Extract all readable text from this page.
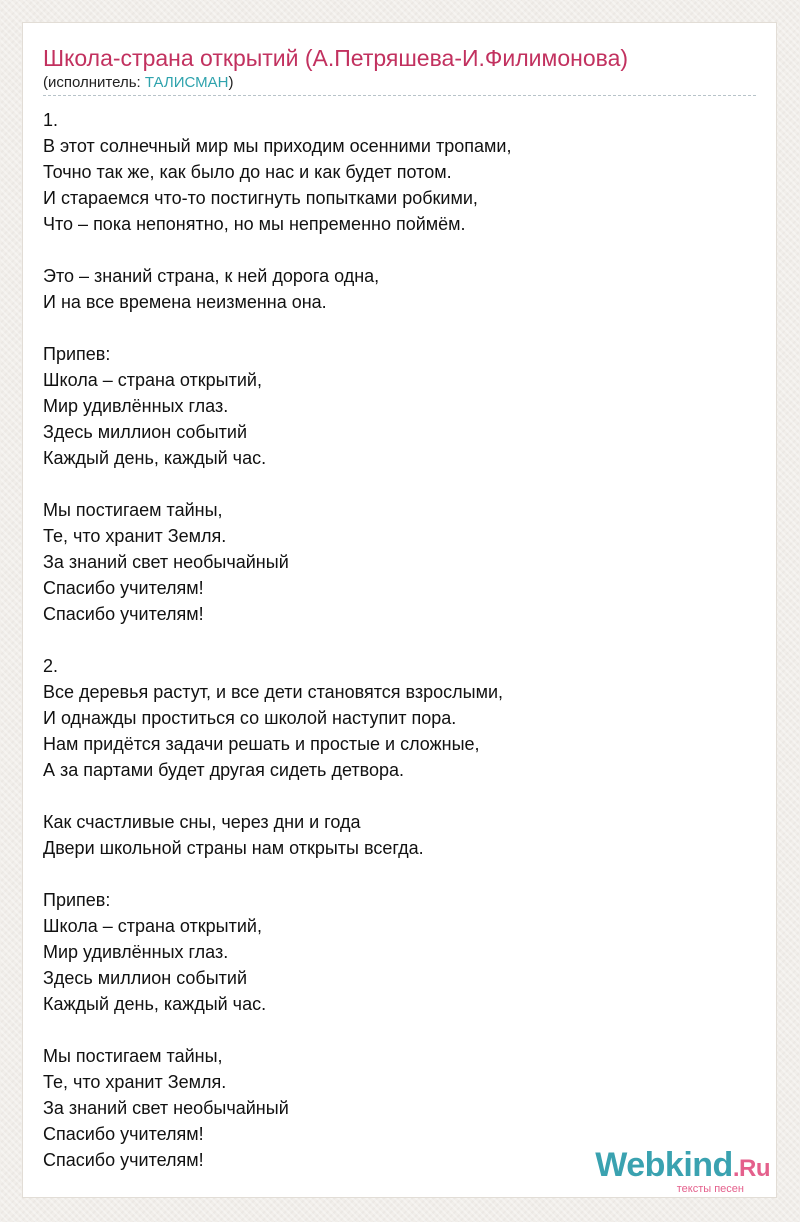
Школа-страна открытий (А.Петряшева-И.Филимонова)
(исполнитель: ТАЛИСМАН)
1.
В этот солнечный мир мы приходим осенними тропами,
Точно так же, как было до нас и как будет потом.
И стараемся что-то постигнуть попытками робкими,
Что – пока непонятно, но мы непременно поймём.
Это – знаний страна, к ней дорога одна,
И на все времена неизменна она.
Припев:
Школа – страна открытий,
Мир удивлённых глаз.
Здесь миллион событий
Каждый день, каждый час.
Мы постигаем тайны,
Те, что хранит Земля.
За знаний свет необычайный
Спасибо учителям!
Спасибо учителям!
2.
Все деревья растут, и все дети становятся взрослыми,
И однажды проститься со школой наступит пора.
Нам придётся задачи решать и простые и сложные,
А за партами будет другая сидеть детвора.
Как счастливые сны, через дни и года
Двери школьной страны нам открыты всегда.
Припев:
Школа – страна открытий,
Мир удивлённых глаз.
Здесь миллион событий
Каждый день, каждый час.
Мы постигаем тайны,
Те, что хранит Земля.
За знаний свет необычайный
Спасибо учителям!
Спасибо учителям!	Webkind.Ru
тексты песен
